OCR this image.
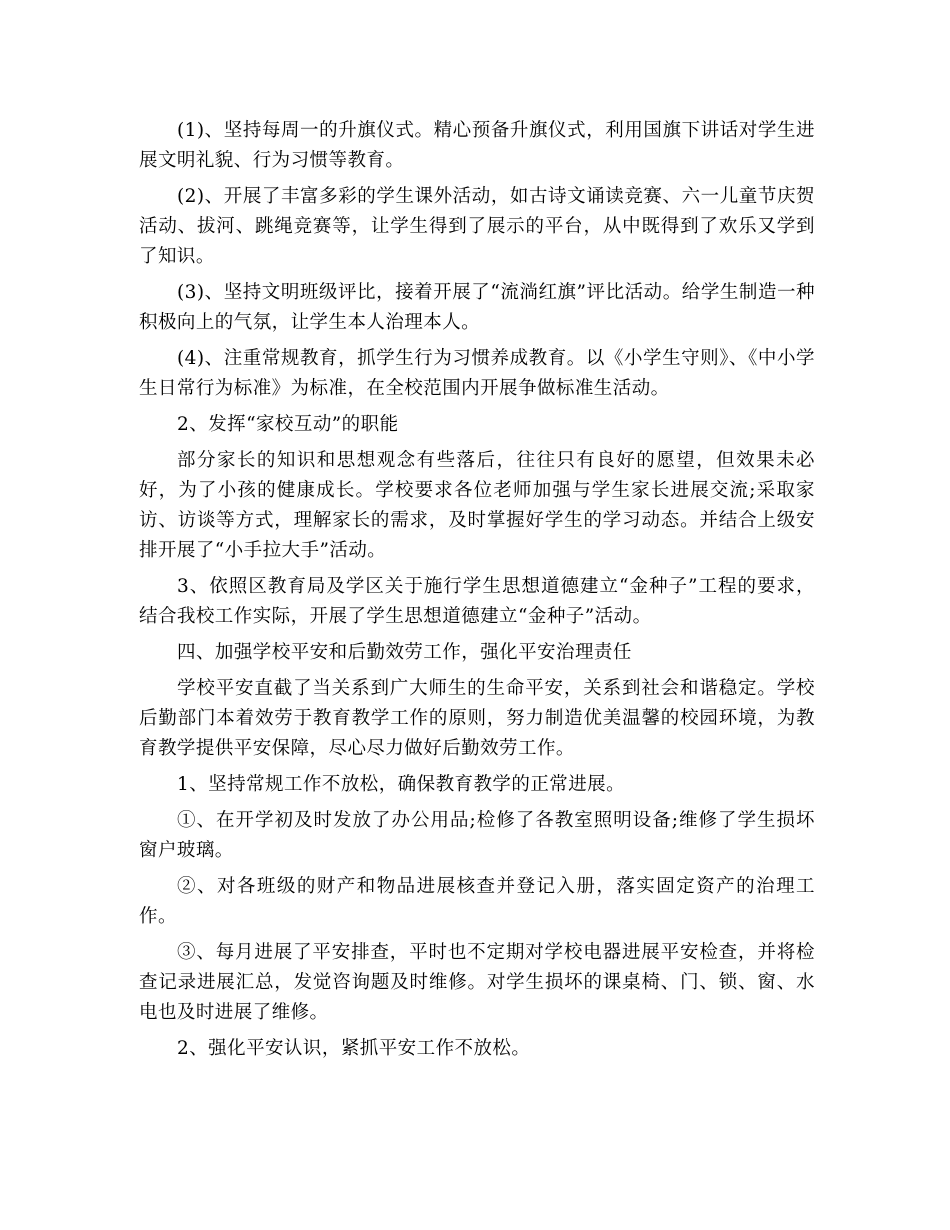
(1)、坚持每周一的升旗仪式。精心预备升旗仪式，利用国旗下讲话对学生进展文明礼貌、行为习惯等教育。

(2)、开展了丰富多彩的学生课外活动，如古诗文诵读竞赛、六一儿童节庆贺活动、拔河、跳绳竞赛等，让学生得到了展示的平台，从中既得到了欢乐又学到了知识。

(3)、坚持文明班级评比，接着开展了“流淌红旗”评比活动。给学生制造一种积极向上的气氛，让学生本人治理本人。

(4)、注重常规教育，抓学生行为习惯养成教育。以《小学生守则》、《中小学生日常行为标准》为标准，在全校范围内开展争做标准生活动。

2、发挥“家校互动”的职能

部分家长的知识和思想观念有些落后，往往只有良好的愿望，但效果未必好，为了小孩的健康成长。学校要求各位老师加强与学生家长进展交流;采取家访、访谈等方式，理解家长的需求，及时掌握好学生的学习动态。并结合上级安排开展了“小手拉大手”活动。

3、依照区教育局及学区关于施行学生思想道德建立“金种子”工程的要求，结合我校工作实际，开展了学生思想道德建立“金种子”活动。

四、加强学校平安和后勤效劳工作，强化平安治理责任

学校平安直截了当关系到广大师生的生命平安，关系到社会和谐稳定。学校后勤部门本着效劳于教育教学工作的原则，努力制造优美温馨的校园环境，为教育教学提供平安保障，尽心尽力做好后勤效劳工作。

1、坚持常规工作不放松，确保教育教学的正常进展。

①、在开学初及时发放了办公用品;检修了各教室照明设备;维修了学生损坏窗户玻璃。

②、对各班级的财产和物品进展核查并登记入册，落实固定资产的治理工作。

③、每月进展了平安排查，平时也不定期对学校电器进展平安检查，并将检查记录进展汇总，发觉咨询题及时维修。对学生损坏的课桌椅、门、锁、窗、水电也及时进展了维修。

2、强化平安认识，紧抓平安工作不放松。
